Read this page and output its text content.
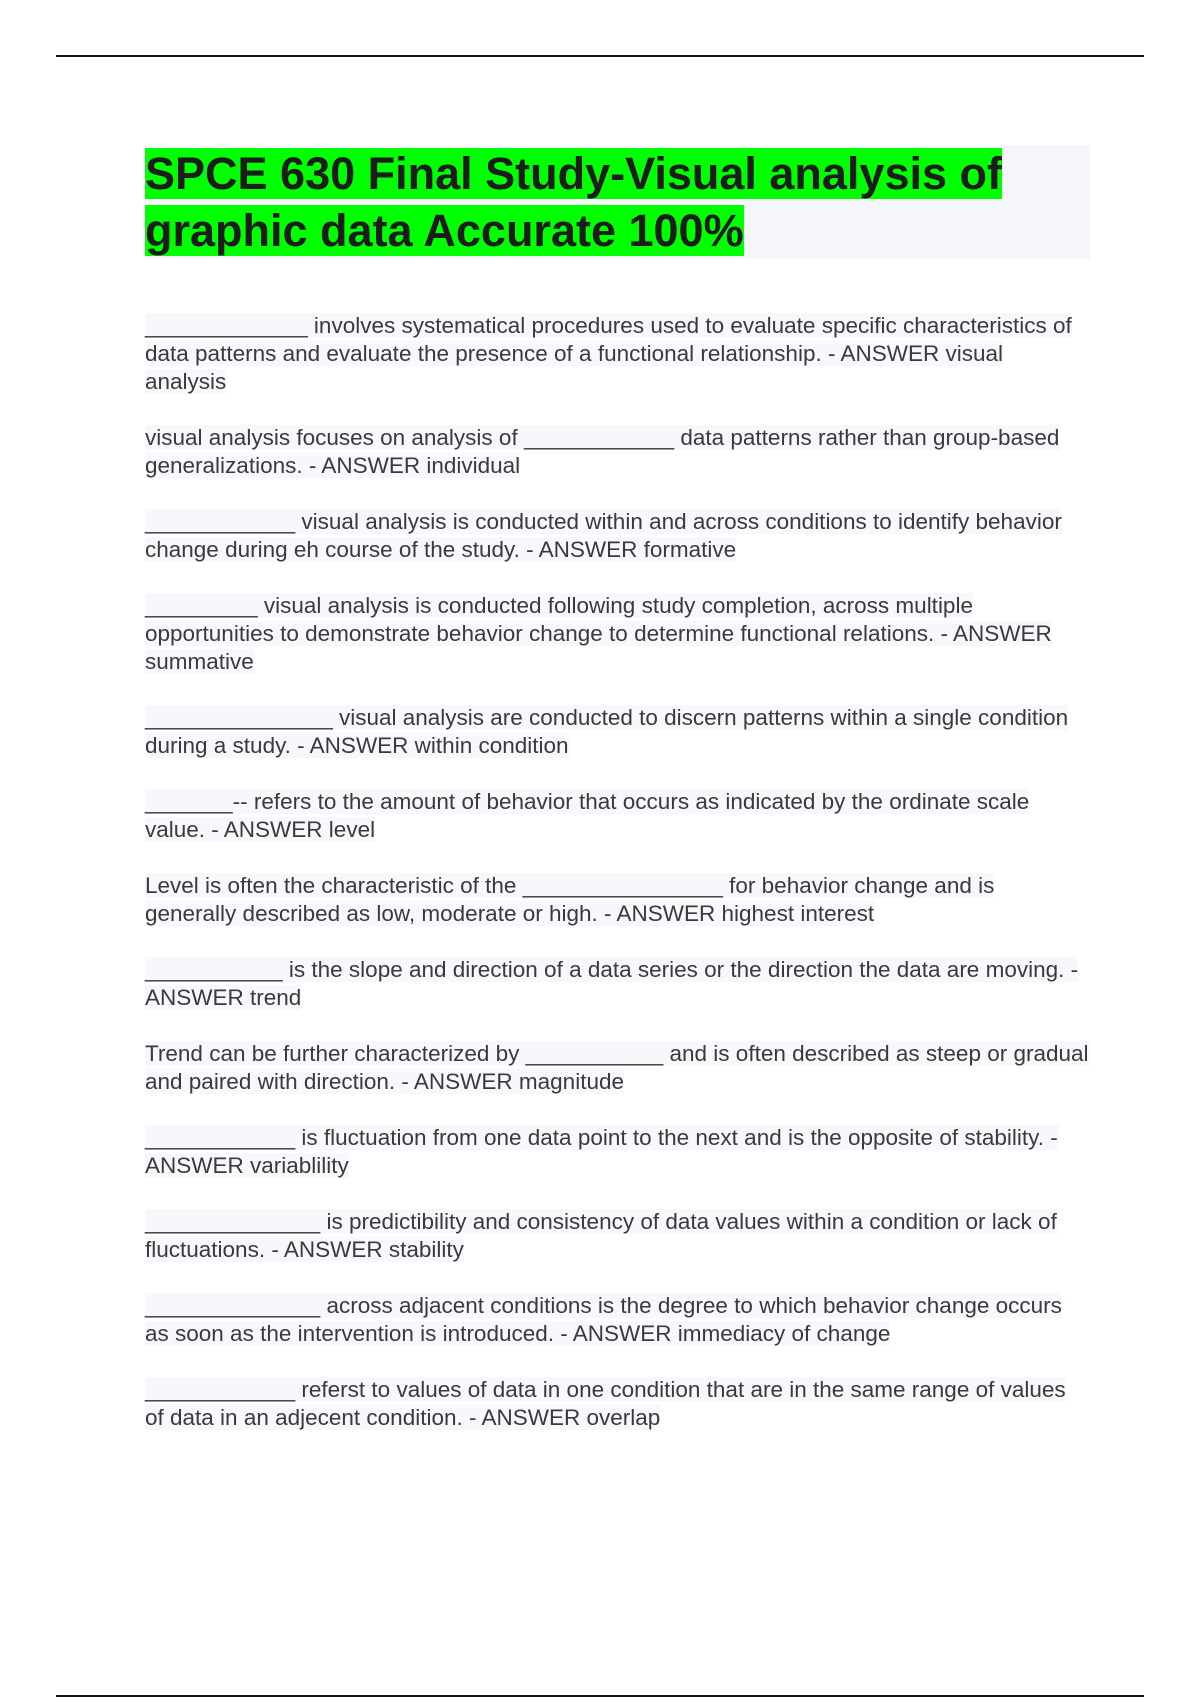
SPCE 630 Final Study-Visual analysis of graphic data Accurate 100%

_____________ involves systematical procedures used to evaluate specific characteristics of data patterns and evaluate the presence of a functional relationship. - ANSWER visual analysis

visual analysis focuses on analysis of ____________ data patterns rather than group-based generalizations. - ANSWER individual

____________ visual analysis is conducted within and across conditions to identify behavior change during eh course of the study. - ANSWER formative

_________ visual analysis is conducted following study completion, across multiple opportunities to demonstrate behavior change to determine functional relations. - ANSWER summative

_______________ visual analysis are conducted to discern patterns within a single condition during a study. - ANSWER within condition

_______-- refers to the amount of behavior that occurs as indicated by the ordinate scale value. - ANSWER level

Level is often the characteristic of the ________________ for behavior change and is generally described as low, moderate or high. - ANSWER highest interest

___________ is the slope and direction of a data series or the direction the data are moving. - ANSWER trend

Trend can be further characterized by ___________ and is often described as steep or gradual and paired with direction. - ANSWER magnitude

____________ is fluctuation from one data point to the next and is the opposite of stability. - ANSWER variablility

______________ is predictibility and consistency of data values within a condition or lack of fluctuations. - ANSWER stability

______________ across adjacent conditions is the degree to which behavior change occurs as soon as the intervention is introduced. - ANSWER immediacy of change

____________ referst to values of data in one condition that are in the same range of values of data in an adjecent condition. - ANSWER overlap
